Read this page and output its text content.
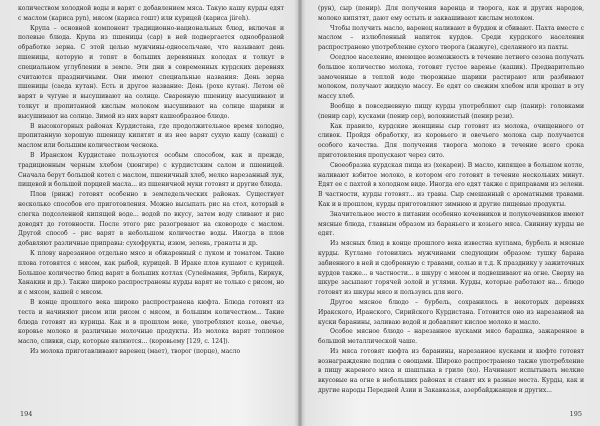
количеством холодной воды и варят с добавлением мяса. Такую кашу курды едят с маслом (кариса руn), мясом (кариса гошт) или курицей (кариса jiiгeh).

Крупа – основной компонент традиционно-национальных блюд, включая и полевые блюда. Крупа из пшеницы (сар) в ней подвергается однообразной обработке зерна. С этой целью мужчины-односельчане, что называют день пшеницы, которую и топят в больших деревянных колодах и толкут в специальном углублении в земле. Эти дни в современных курдских деревнях считаются праздничными. Они имеют специальные названия: День зерна пшеницы (саеда кутан). Есть и другое название: День (рохе кутан). Летом её варят в чугуне и высушивают на солнце. Сваренную пшеницу высушивают и толкут и пропитанной кислым молоком высушивают на солнце шарики и высушивают на солнце. Зимой из них варят кашеобразное блюдо.

В высокогорных районах Курдистана, где продолжительное время холодно, пропитанную хорошую пшеницу кипятят и из нее варят сухую кашу (саваш) с маслом или большим количеством чеснока.

В Иранском Курдистане пользуются особым способом, как и прежде, традиционным черным хлебом (хюнгире) с курдистским салом и пшеницей. Сначала берут большой котел с маслом, пшеничный хлеб, мелко нарезанный лук, пищевой и большой порцией масла... из пшеничной муки готовят и другие блюда.

Плов (ринж) готовят особенно в земледельческих районах. Существует несколько способов его приготовления. Можно высыпать рис на стол, который в слегка подсоленной кипящей воде... водой по вкусу, затем воду сливают и рис доводят до готовности. После этого рис разогревают на сковороде с маслом. Другой способ – рис варят в небольшом количестве воды. Иногда в плов добавляют различные приправы: сухофрукты, изюм, зелень, гранаты и др.

К плову нарезанное отдельно мясо и обжаренный с луком и томатом. Такие плова готовятся с мясом, как рыбой, курицей. В Ираке плов кушают с курицей. Большое количество блюд варят в больших котлах (Сулеймания, Эрбиль, Киркук, Ханакин и др.). Также широко распространены курды варят не только с рисом, но и с мясом, кашей с мясом.

В конце прошлого века широко распространена кюфта. Блюда готовят из теста и начиняют рисом или рисом с мясом, и большим количеством... Такие блюда готовят из курицы. Как и в прошлом веке, употребляют козье, овечье, коровье молоко и различные молочные продукты. Из молока варят топленое масло, сливки, сыр, которые являются... (коровьему [129, с. 124]).

Из молока приготавливают варенец (мает), творог (порце), масло

194

(рун), сыр (пенир). Для получения варенца и творога, как и других народов, молоко кипятят, дают ему остыть и заквашивают кислым молоком.

Чтобы получить масло, варенец наливают в бурдюк и сбивают. Пахта вместе с маслом – излюбленный напиток курдов. Среди курдского населения распространено употребление сухого творога (жажуге), сделанного из пахты.

Оседлое население, имеющее возможность в течение летнего сезона получать большое количество молока, готовят густое варенье (кашик). Предварительно замоченные в теплой воде творожные шарики растирают или разбивают молоком, получают жидкую массу. Ее едят со свежим хлебом или крошат в эту массу хлеб.

Вообще в повседневную пищу курды употребляют сыр (панир): головками (пенир сар), кусками (пенир сер), волокнистый (пенир рези).

Как правило, курдские женщины сыр готовят из молока, очищенного от сливок. Пройдя обработку, из коровьего и овечьего молока сыр получается особого качества. Для получения творога молоко в течение всего срока приготовления пропускают через сито.

Своеобразна курдская пища из (хекареи). В масло, кипящее в большом котле, наливают взбитое молоко, в котором его готовят в течение нескольких минут. Едят ее с пахтой в холодном виде. Иногда его едят также с приправами из зелени. В частности, курды готовят... из травы. Сыр смешанный с ароматными травами. Как и в прошлом, курды приготовляют зимнюю и другие пищевые продукты.

Значительное место в питании особенно кочевников и полукочевников имеют мясные блюда, главным образом из бараньего и козьего мяса. Свинину курды не едят.

Из мясных блюд в конце прошлого века известна кутлама, бурбель и мясные курды. Кутламе готовились мужчинами следующим образом: тушку барана забиенного в ней и сдобренную с травами, солью и т.д. К празднику у зажиточных курдов также... в частности... в шкуру с мясом и подвешивают на огне. Сверху на шкуре засыпают горячей золой и углями. Курды, которые работают на... блюдо готовят из шкуры мясо и пользуясь для него.

Другое мясное блюдо – бурбель, сохранилось в некоторых деревнях Иракского, Иранского, Сирийского Курдистана. Готовится оно из нарезанной на куски баранины, заливаю водой и добавляют кислое молоко и масло.

Особое мясное блюдо – нарезанное кусками мясо барашка, зажаренное в большой металлической чаше.

Из мяса готовят кюфта из баранины, нарезанное кусками и кюфте готовят вознаграждение подлив с овощами. Широко распространено также употребление в пищу жареного мяса и шашлыка в гриле (хо). Начинают испытывать мелкие вкусовые на огне в небольших районах и ставят их в разные места. Курды, как и другие народы Передней Азии и Закавказья, азербайджанцев и других...

195
